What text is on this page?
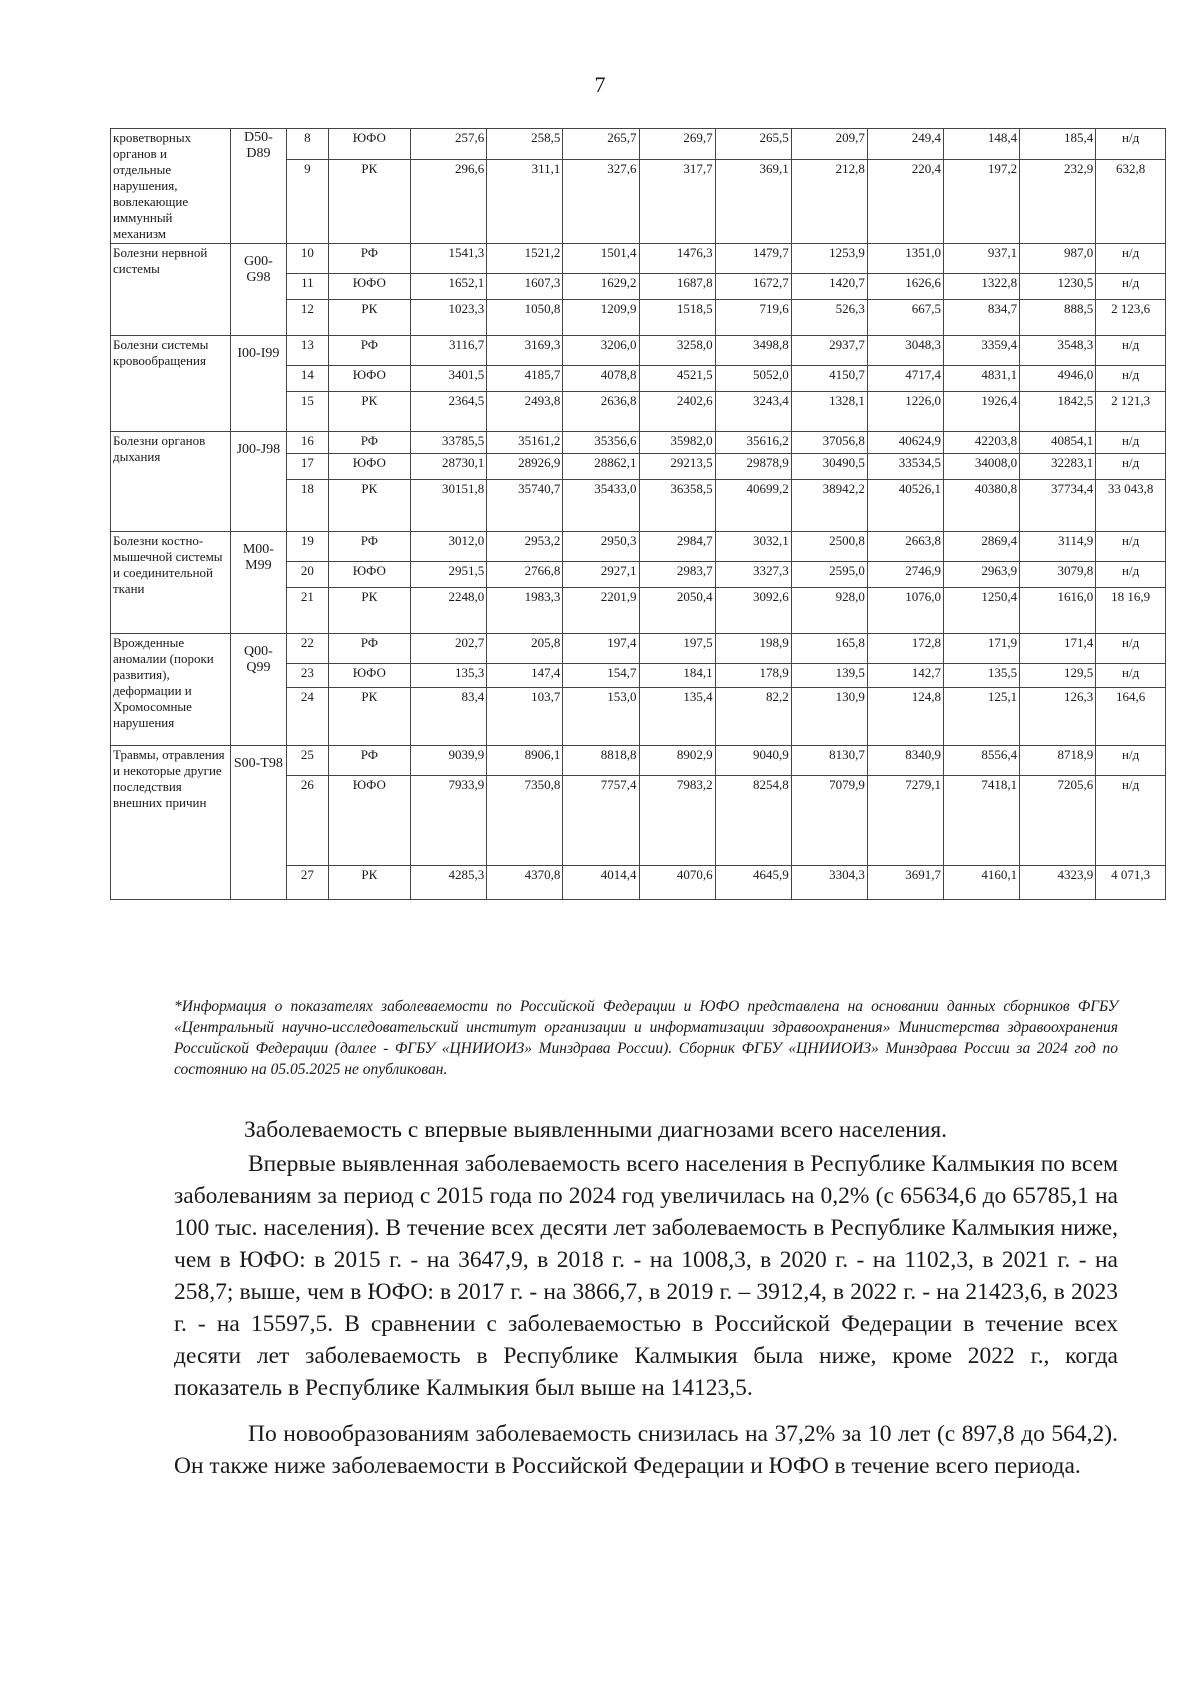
7
кроветворных органов и отдельные нарушения, вовлекающие иммунный механизм	D50-D89	8	ЮФО	257,6	258,5	265,7	269,7	265,5	209,7	249,4	148,4	185,4	н/д
		9	РК	296,6	311,1	327,6	317,7	369,1	212,8	220,4	197,2	232,9	632,8
Болезни нервной системы	G00-G98	10	РФ	1541,3	1521,2	1501,4	1476,3	1479,7	1253,9	1351,0	937,1	987,0	н/д
		11	ЮФО	1652,1	1607,3	1629,2	1687,8	1672,7	1420,7	1626,6	1322,8	1230,5	н/д
		12	РК	1023,3	1050,8	1209,9	1518,5	719,6	526,3	667,5	834,7	888,5	2 123,6
Болезни системы кровообращения	I00-I99	13	РФ	3116,7	3169,3	3206,0	3258,0	3498,8	2937,7	3048,3	3359,4	3548,3	н/д
		14	ЮФО	3401,5	4185,7	4078,8	4521,5	5052,0	4150,7	4717,4	4831,1	4946,0	н/д
		15	РК	2364,5	2493,8	2636,8	2402,6	3243,4	1328,1	1226,0	1926,4	1842,5	2 121,3
Болезни органов дыхания	J00-J98	16	РФ	33785,5	35161,2	35356,6	35982,0	35616,2	37056,8	40624,9	42203,8	40854,1	н/д
		17	ЮФО	28730,1	28926,9	28862,1	29213,5	29878,9	30490,5	33534,5	34008,0	32283,1	н/д
		18	РК	30151,8	35740,7	35433,0	36358,5	40699,2	38942,2	40526,1	40380,8	37734,4	33 043,8
Болезни костно-мышечной системы и соединительной ткани	M00-M99	19	РФ	3012,0	2953,2	2950,3	2984,7	3032,1	2500,8	2663,8	2869,4	3114,9	н/д
		20	ЮФО	2951,5	2766,8	2927,1	2983,7	3327,3	2595,0	2746,9	2963,9	3079,8	н/д
		21	РК	2248,0	1983,3	2201,9	2050,4	3092,6	928,0	1076,0	1250,4	1616,0	18 16,9
Врожденные аномалии (пороки развития), деформации и Хромосомные нарушения	Q00-Q99	22	РФ	202,7	205,8	197,4	197,5	198,9	165,8	172,8	171,9	171,4	н/д
		23	ЮФО	135,3	147,4	154,7	184,1	178,9	139,5	142,7	135,5	129,5	н/д
		24	РК	83,4	103,7	153,0	135,4	82,2	130,9	124,8	125,1	126,3	164,6
Травмы, отравления и некоторые другие последствия внешних причин	S00-T98	25	РФ	9039,9	8906,1	8818,8	8902,9	9040,9	8130,7	8340,9	8556,4	8718,9	н/д
		26	ЮФО	7933,9	7350,8	7757,4	7983,2	8254,8	7079,9	7279,1	7418,1	7205,6	н/д
		27	РК	4285,3	4370,8	4014,4	4070,6	4645,9	3304,3	3691,7	4160,1	4323,9	4 071,3
*Информация о показателях заболеваемости по Российской Федерации и ЮФО представлена на основании данных сборников ФГБУ «Центральный научно-исследовательский институт организации и информатизации здравоохранения» Министерства здравоохранения Российской Федерации (далее - ФГБУ «ЦНИИОИЗ» Минздрава России). Сборник ФГБУ «ЦНИИОИЗ» Минздрава России за 2024 год по состоянию на 05.05.2025 не опубликован.

Заболеваемость с впервые выявленными диагнозами всего населения.

Впервые выявленная заболеваемость всего населения в Республике Калмыкия по всем заболеваниям за период с 2015 года по 2024 год увеличилась на 0,2% (с 65634,6 до 65785,1 на 100 тыс. населения). В течение всех десяти лет заболеваемость в Республике Калмыкия ниже, чем в ЮФО: в 2015 г. - на 3647,9, в 2018 г. - на 1008,3, в 2020 г. - на 1102,3, в 2021 г. - на 258,7; выше, чем в ЮФО: в 2017 г. - на 3866,7, в 2019 г. – 3912,4, в 2022 г. - на 21423,6, в 2023 г. - на 15597,5. В сравнении с заболеваемостью в Российской Федерации в течение всех десяти лет заболеваемость в Республике Калмыкия была ниже, кроме 2022 г., когда показатель в Республике Калмыкия был выше на 14123,5.

По новообразованиям заболеваемость снизилась на 37,2% за 10 лет (с 897,8 до 564,2). Он также ниже заболеваемости в Российской Федерации и ЮФО в течение всего периода.
